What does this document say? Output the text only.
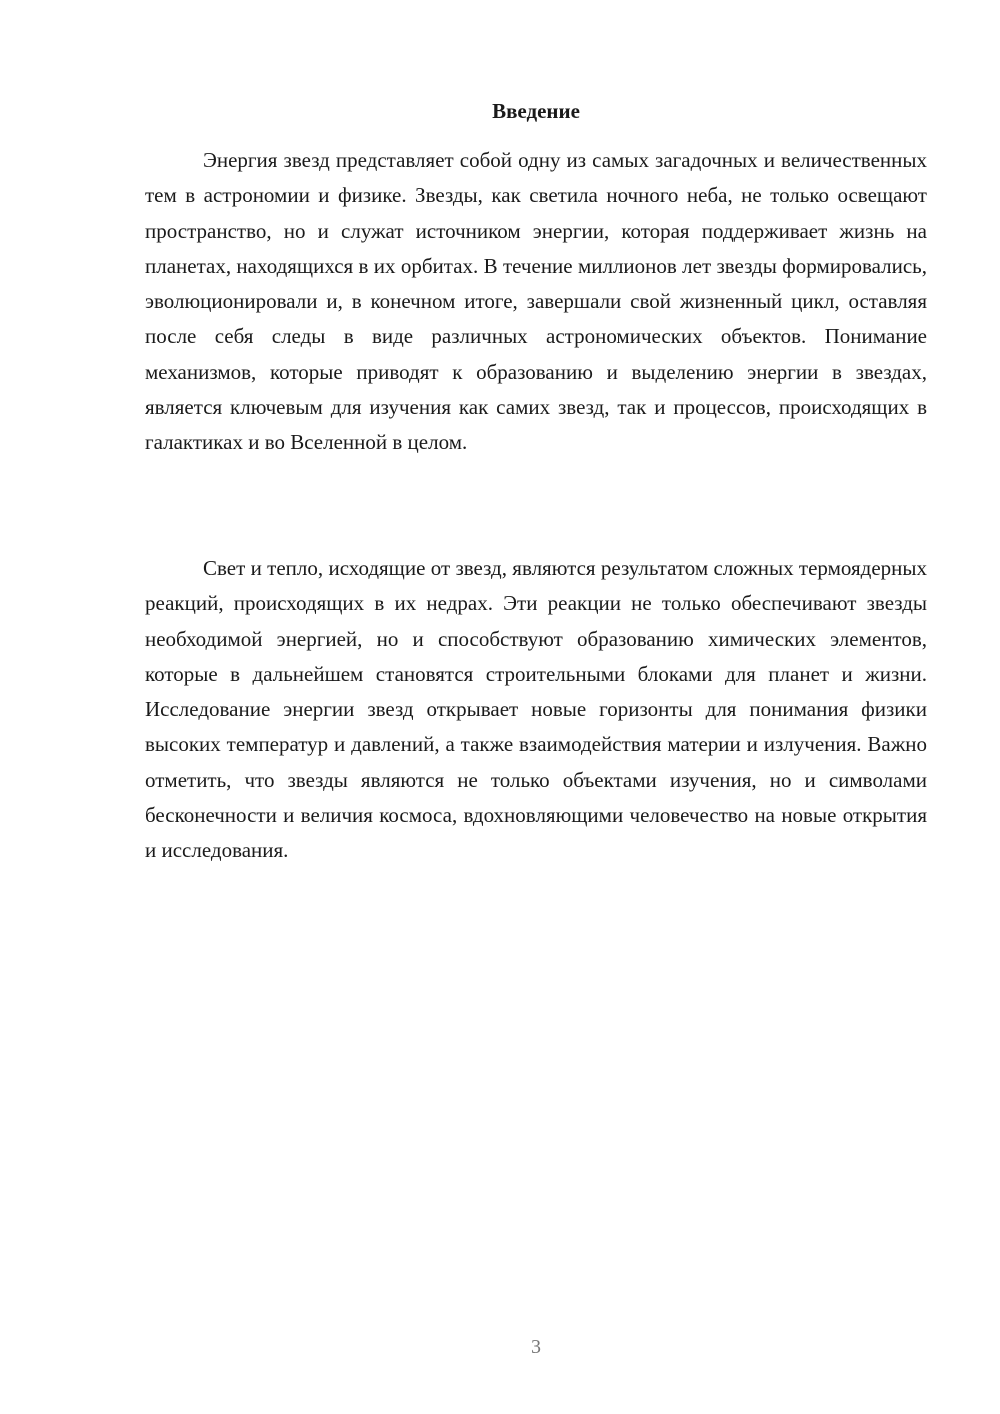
Введение

Энергия звезд представляет собой одну из самых загадочных и величественных тем в астрономии и физике. Звезды, как светила ночного неба, не только освещают пространство, но и служат источником энергии, которая поддерживает жизнь на планетах, находящихся в их орбитах. В течение миллионов лет звезды формировались, эволюционировали и, в конечном итоге, завершали свой жизненный цикл, оставляя после себя следы в виде различных астрономических объектов. Понимание механизмов, которые приводят к образованию и выделению энергии в звездах, является ключевым для изучения как самих звезд, так и процессов, происходящих в галактиках и во Вселенной в целом.

Свет и тепло, исходящие от звезд, являются результатом сложных термоядерных реакций, происходящих в их недрах. Эти реакции не только обеспечивают звезды необходимой энергией, но и способствуют образованию химических элементов, которые в дальнейшем становятся строительными блоками для планет и жизни. Исследование энергии звезд открывает новые горизонты для понимания физики высоких температур и давлений, а также взаимодействия материи и излучения. Важно отметить, что звезды являются не только объектами изучения, но и символами бесконечности и величия космоса, вдохновляющими человечество на новые открытия и исследования.

3
